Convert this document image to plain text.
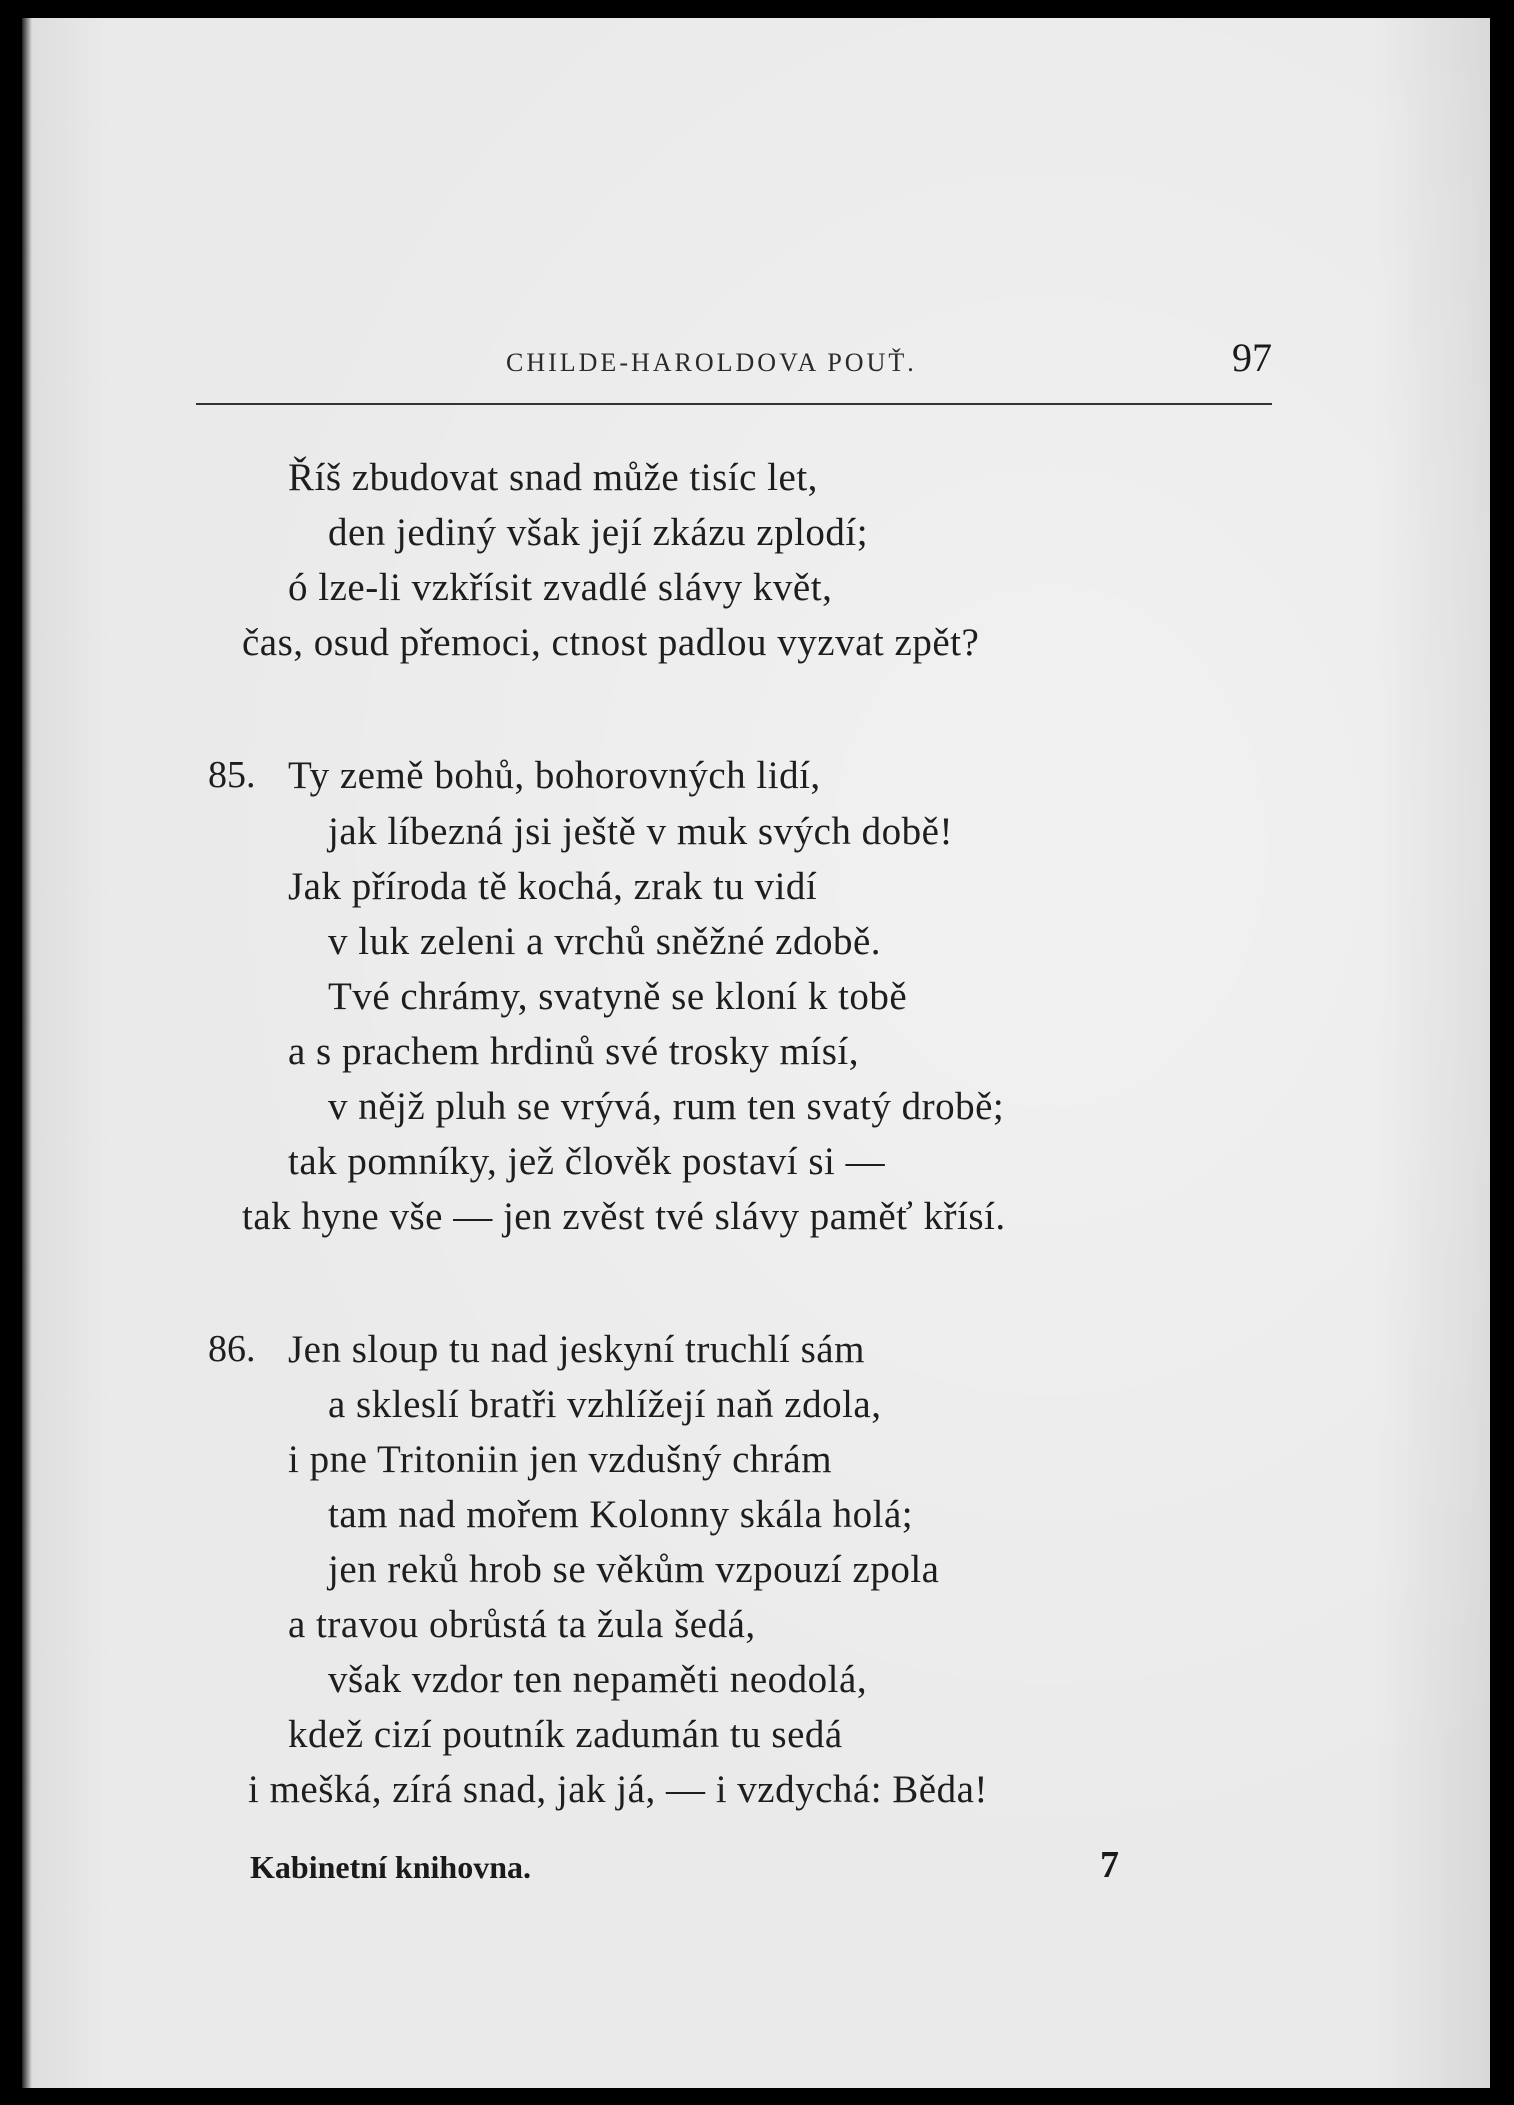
CHILDE-HAROLDOVA POUŤ.	97
Říš zbudovat snad může tisíc let,
den jediný však její zkázu zplodí;
ó lze-li vzkřísit zvadlé slávy květ,
čas, osud přemoci, ctnost padlou vyzvat zpět?
85. Ty země bohů, bohorovných lidí,
jak líbezná jsi ještě v muk svých době!
Jak příroda tě kochá, zrak tu vidí
v luk zeleni a vrchů sněžné zdobě.
Tvé chrámy, svatyně se kloní k tobě
a s prachem hrdinů své trosky mísí,
v nějž pluh se vrývá, rum ten svatý drobě;
tak pomníky, jež člověk postaví si —
tak hyne vše — jen zvěst tvé slávy paměť křísí.
86. Jen sloup tu nad jeskyní truchlí sám
a skleslí bratři vzhlížejí naň zdola,
i pne Tritoniin jen vzdušný chrám
tam nad mořem Kolonny skála holá;
jen reků hrob se věkům vzpouzí zpola
a travou obrůstá ta žula šedá,
však vzdor ten nepaměti neodolá,
kdež cizí poutník zadumán tu sedá
i mešká, zírá snad, jak já, — i vzdychá: Běda!
Kabinetní knihovna.	7
